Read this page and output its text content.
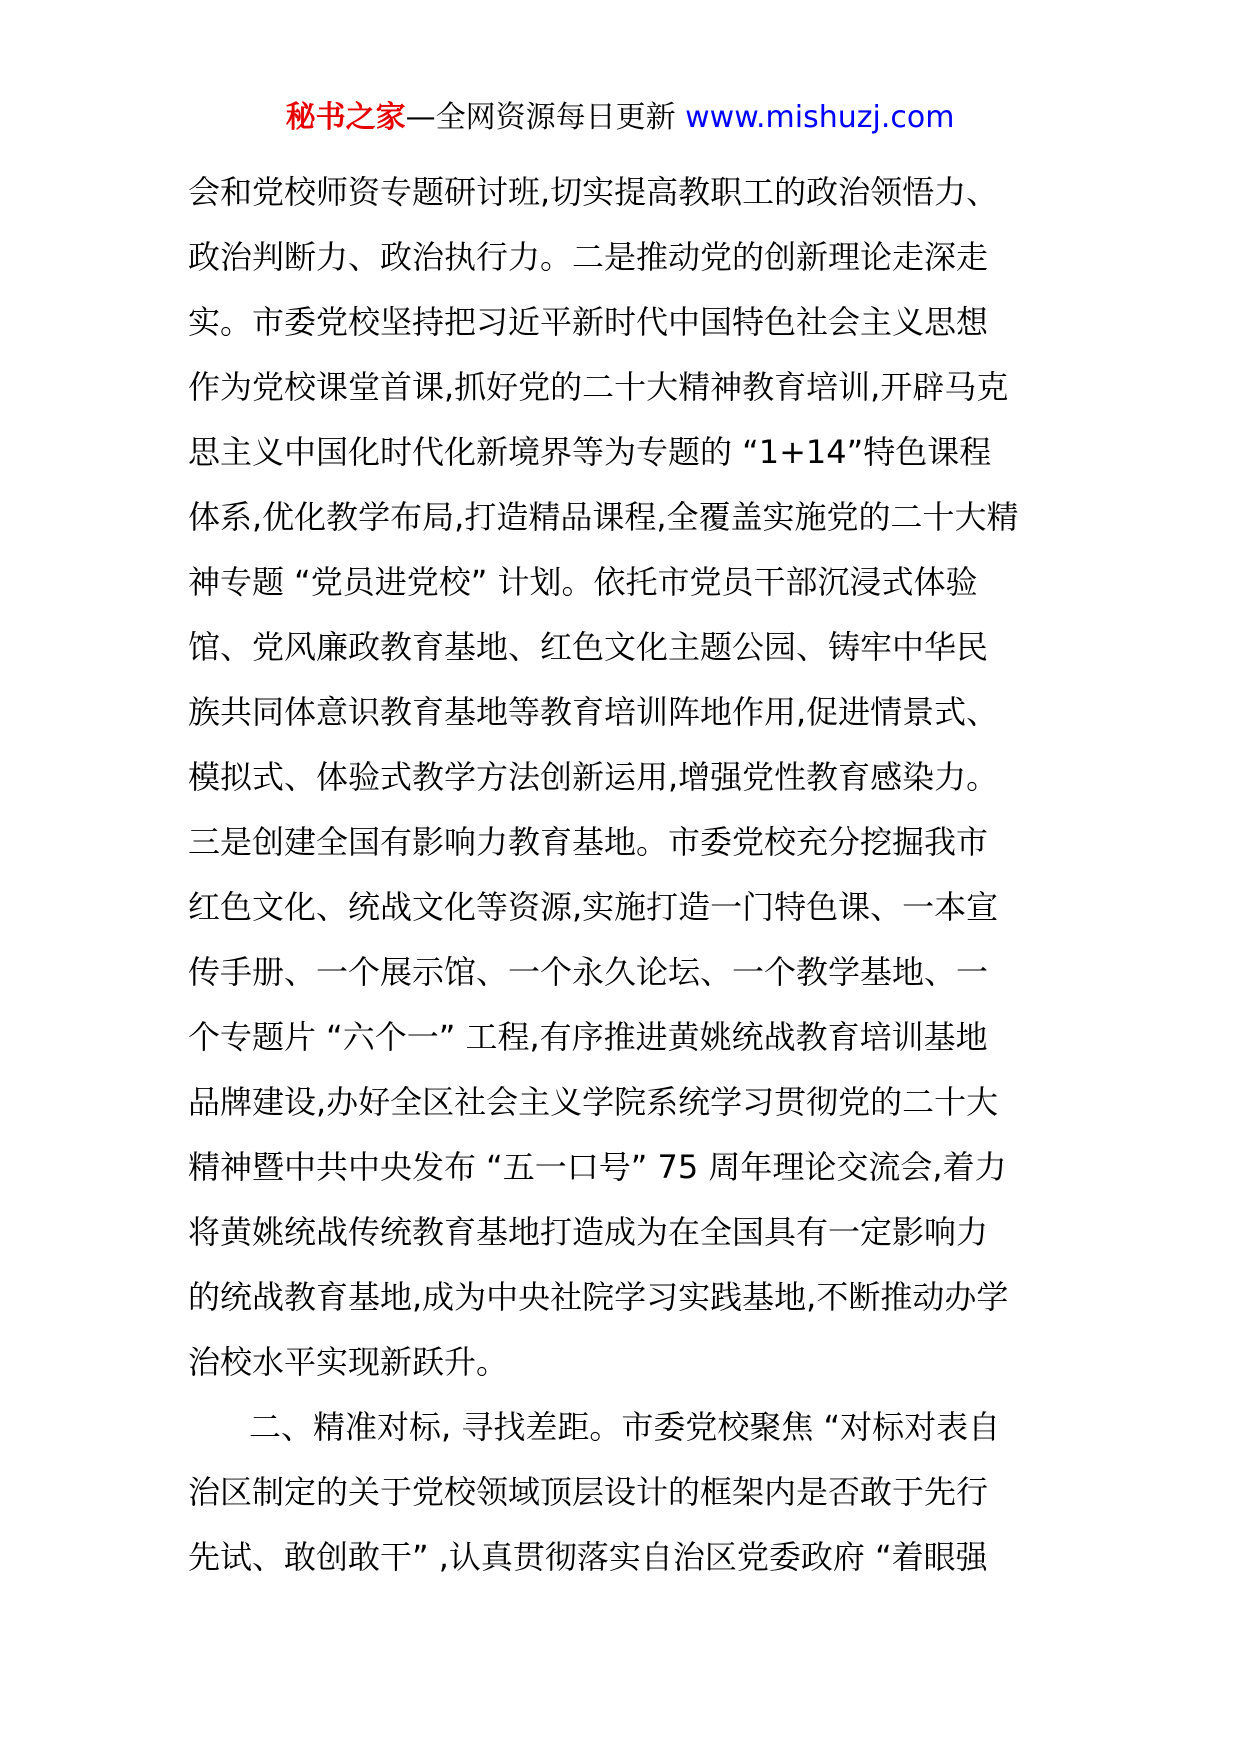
秘书之家—全网资源每日更新 www.mishuzj.com
会和党校师资专题研讨班,切实提高教职工的政治领悟力、
政治判断力、政治执行力。二是推动党的创新理论走深走
实。市委党校坚持把习近平新时代中国特色社会主义思想
作为党校课堂首课,抓好党的二十大精神教育培训,开辟马克
思主义中国化时代化新境界等为专题的 “1+14”特色课程
体系,优化教学布局,打造精品课程,全覆盖实施党的二十大精
神专题 “党员进党校” 计划。依托市党员干部沉浸式体验
馆、党风廉政教育基地、红色文化主题公园、铸牢中华民
族共同体意识教育基地等教育培训阵地作用,促进情景式、
模拟式、体验式教学方法创新运用,增强党性教育感染力。
三是创建全国有影响力教育基地。市委党校充分挖掘我市
红色文化、统战文化等资源,实施打造一门特色课、一本宣
传手册、一个展示馆、一个永久论坛、一个教学基地、一
个专题片 “六个一” 工程,有序推进黄姚统战教育培训基地
品牌建设,办好全区社会主义学院系统学习贯彻党的二十大
精神暨中共中央发布 “五一口号” 75 周年理论交流会,着力
将黄姚统战传统教育基地打造成为在全国具有一定影响力
的统战教育基地,成为中央社院学习实践基地,不断推动办学
治校水平实现新跃升。
二、精准对标, 寻找差距。市委党校聚焦 “对标对表自
治区制定的关于党校领域顶层设计的框架内是否敢于先行
先试、敢创敢干” ,认真贯彻落实自治区党委政府 “着眼强
